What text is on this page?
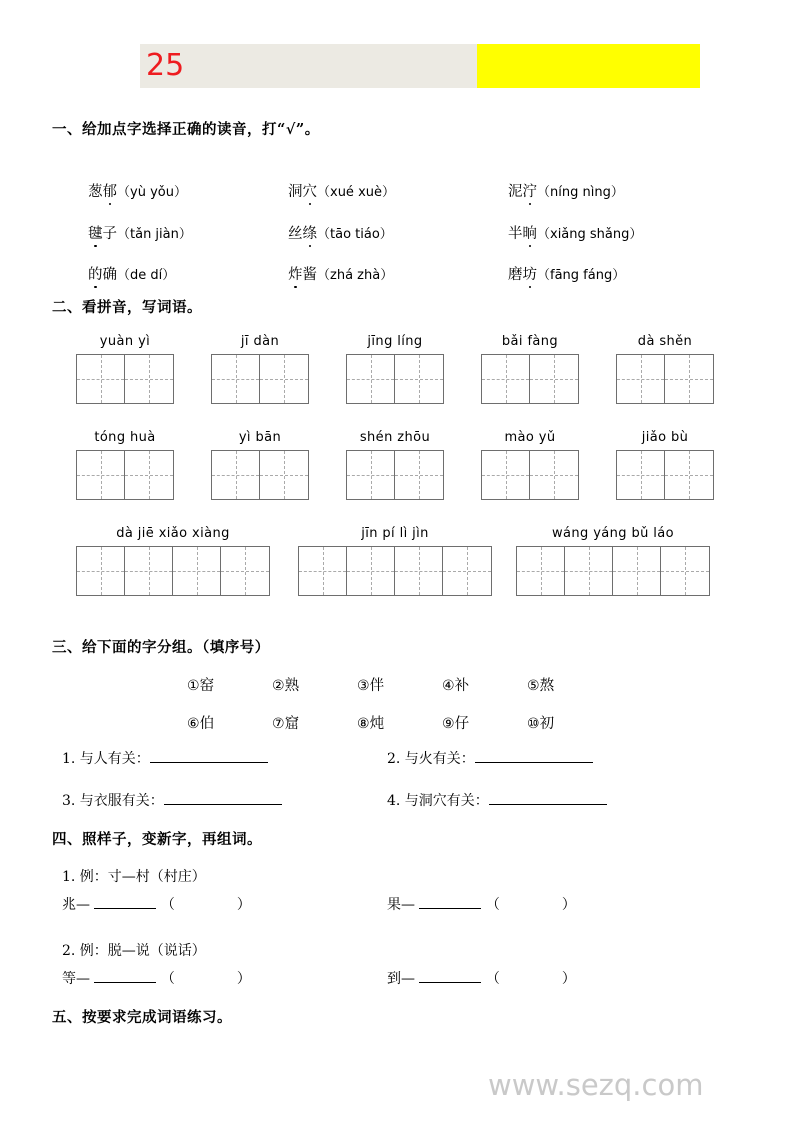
25
一、给加点字选择正确的读音，打“√”。
葱郁（yù yǒu）	洞穴（xué xuè）	泥泞（níng nìng）
毽子（tǎn jiàn）	丝绦（tāo tiáo）	半晌（xiǎng shǎng）
的确（de dí）	炸酱（zhá zhà）	磨坊（fāng fáng）
二、看拼音，写词语。
yuàn yì	jī dàn	jīng líng	bǎi fàng	dà shěn
tóng huà	yì bān	shén zhōu	mào yǔ	jiǎo bù
dà jiē xiǎo xiàng	jīn pí lì jìn	wáng yáng bǔ láo
三、给下面的字分组。（填序号）
①窑	②熟	③伴	④补	⑤熬
⑥伯	⑦窟	⑧炖	⑨仔	⑩初
1. 与人有关：	2. 与火有关：
3. 与衣服有关：	4. 与洞穴有关：
四、照样子，变新字，再组词。
1. 例：寸—村（村庄）
兆—	（	）	果—	（	）
2. 例：脱—说（说话）
等—	（	）	到—	（	）
五、按要求完成词语练习。
www.sezq.com
